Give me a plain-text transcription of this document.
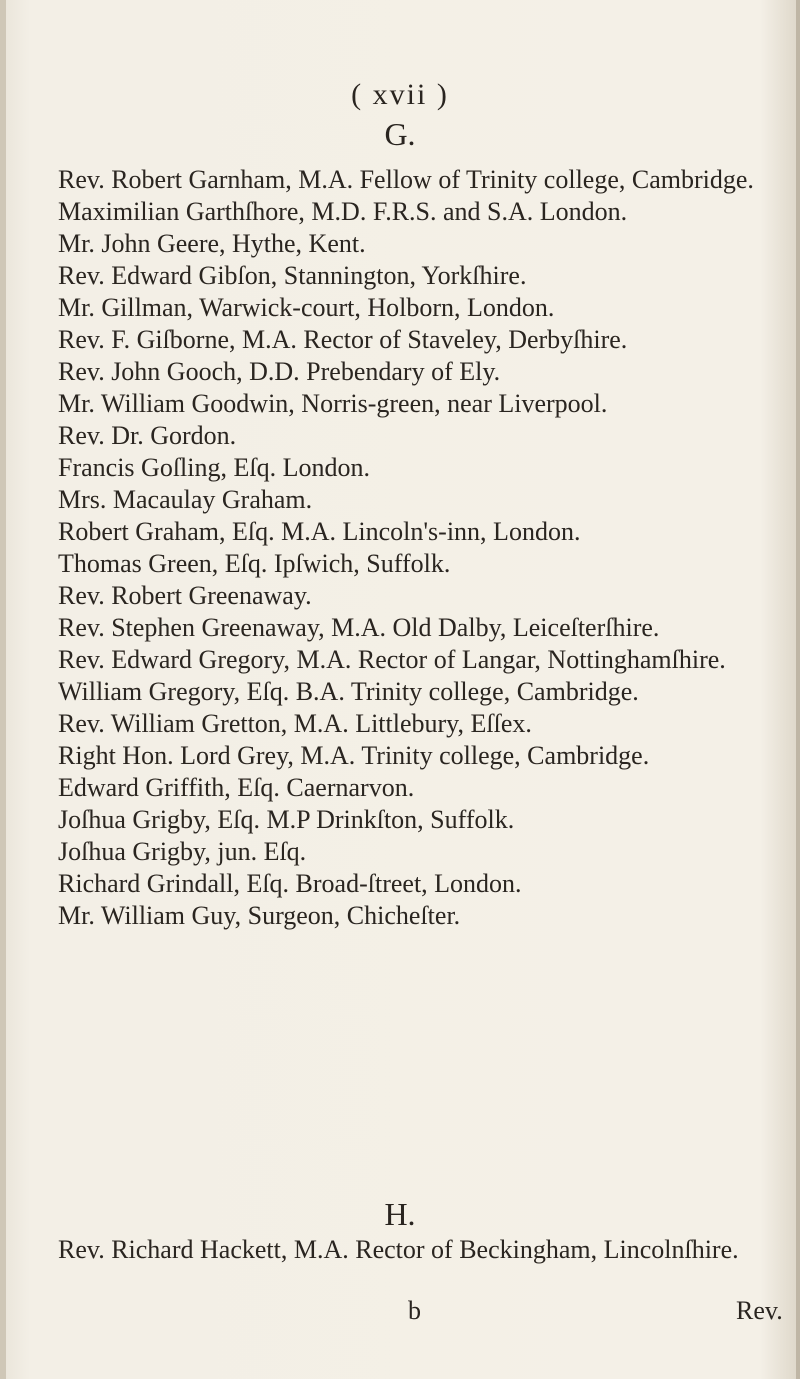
( xvii )
G.

Rev. Robert Garnham, M.A. Fellow of Trinity college, Cambridge.

Maximilian Garthſhore, M.D. F.R.S. and S.A. London.

Mr. John Geere, Hythe, Kent.

Rev. Edward Gibſon, Stannington, Yorkſhire.

Mr. Gillman, Warwick-court, Holborn, London.

Rev. F. Giſborne, M.A. Rector of Staveley, Derbyſhire.

Rev. John Gooch, D.D. Prebendary of Ely.

Mr. William Goodwin, Norris-green, near Liverpool.

Rev. Dr. Gordon.

Francis Goſling, Eſq. London.

Mrs. Macaulay Graham.

Robert Graham, Eſq. M.A. Lincoln's-inn, London.

Thomas Green, Eſq. Ipſwich, Suffolk.

Rev. Robert Greenaway.

Rev. Stephen Greenaway, M.A. Old Dalby, Leiceſterſhire.

Rev. Edward Gregory, M.A. Rector of Langar, Nottinghamſhire.

William Gregory, Eſq. B.A. Trinity college, Cambridge.

Rev. William Gretton, M.A. Littlebury, Eſſex.

Right Hon. Lord Grey, M.A. Trinity college, Cambridge.

Edward Griffith, Eſq. Caernarvon.

Joſhua Grigby, Eſq. M.P Drinkſton, Suffolk.

Joſhua Grigby, jun. Eſq.

Richard Grindall, Eſq. Broad-ſtreet, London.

Mr. William Guy, Surgeon, Chicheſter.

H.

Rev. Richard Hackett, M.A. Rector of Beckingham, Lincolnſhire.

b	Rev.
